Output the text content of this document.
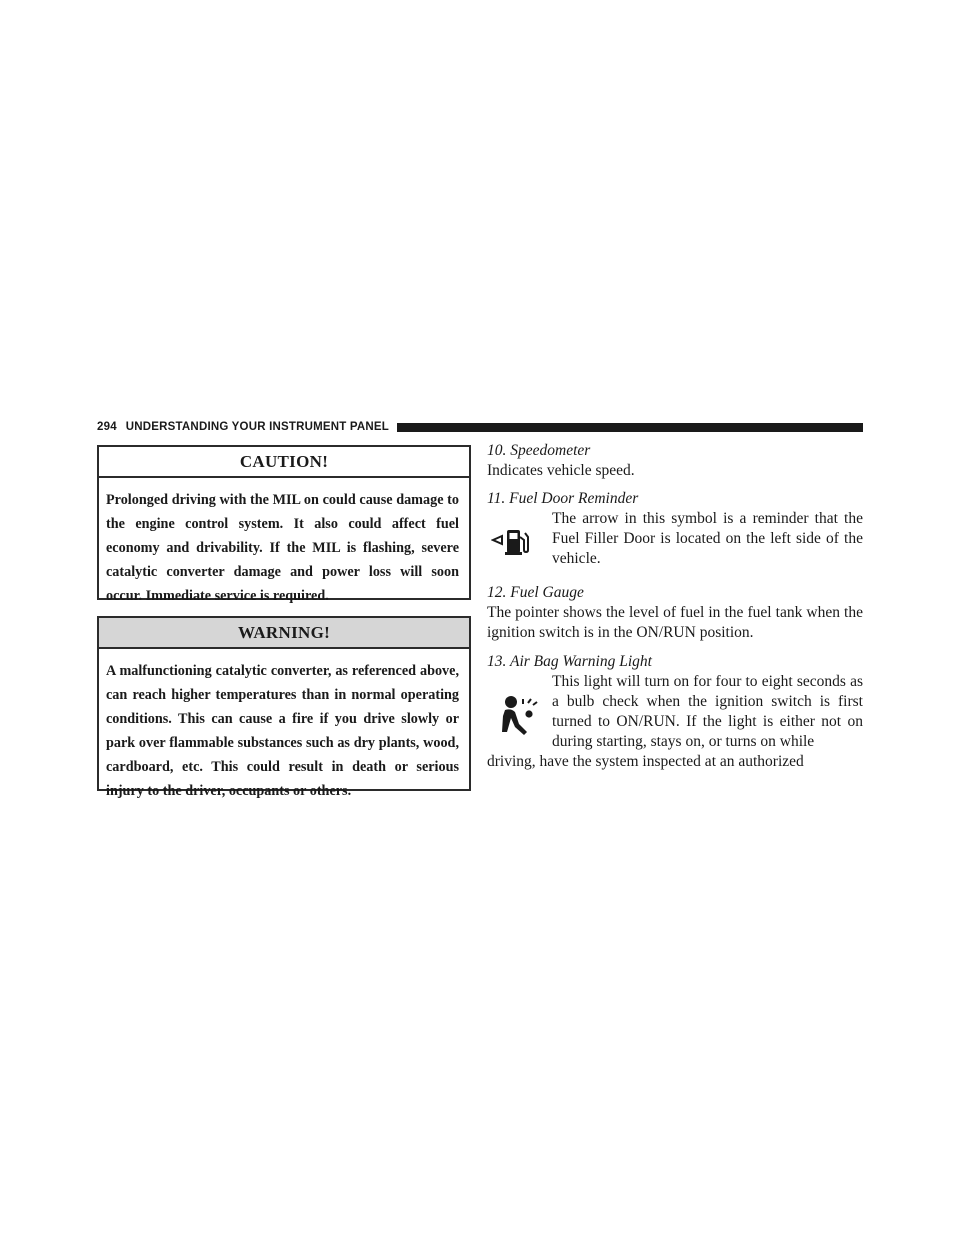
294 UNDERSTANDING YOUR INSTRUMENT PANEL
CAUTION!
Prolonged driving with the MIL on could cause damage to the engine control system. It also could affect fuel economy and drivability. If the MIL is flashing, severe catalytic converter damage and power loss will soon occur. Immediate service is required.
WARNING!
A malfunctioning catalytic converter, as referenced above, can reach higher temperatures than in normal operating conditions. This can cause a fire if you drive slowly or park over flammable substances such as dry plants, wood, cardboard, etc. This could result in death or serious injury to the driver, occupants or others.
10. Speedometer

Indicates vehicle speed.

11. Fuel Door Reminder

The arrow in this symbol is a reminder that the Fuel Filler Door is located on the left side of the vehicle.

12. Fuel Gauge

The pointer shows the level of fuel in the fuel tank when the ignition switch is in the ON/RUN position.

13. Air Bag Warning Light

This light will turn on for four to eight seconds as a bulb check when the ignition switch is first turned to ON/RUN. If the light is either not on during starting, stays on, or turns on while

driving, have the system inspected at an authorized
